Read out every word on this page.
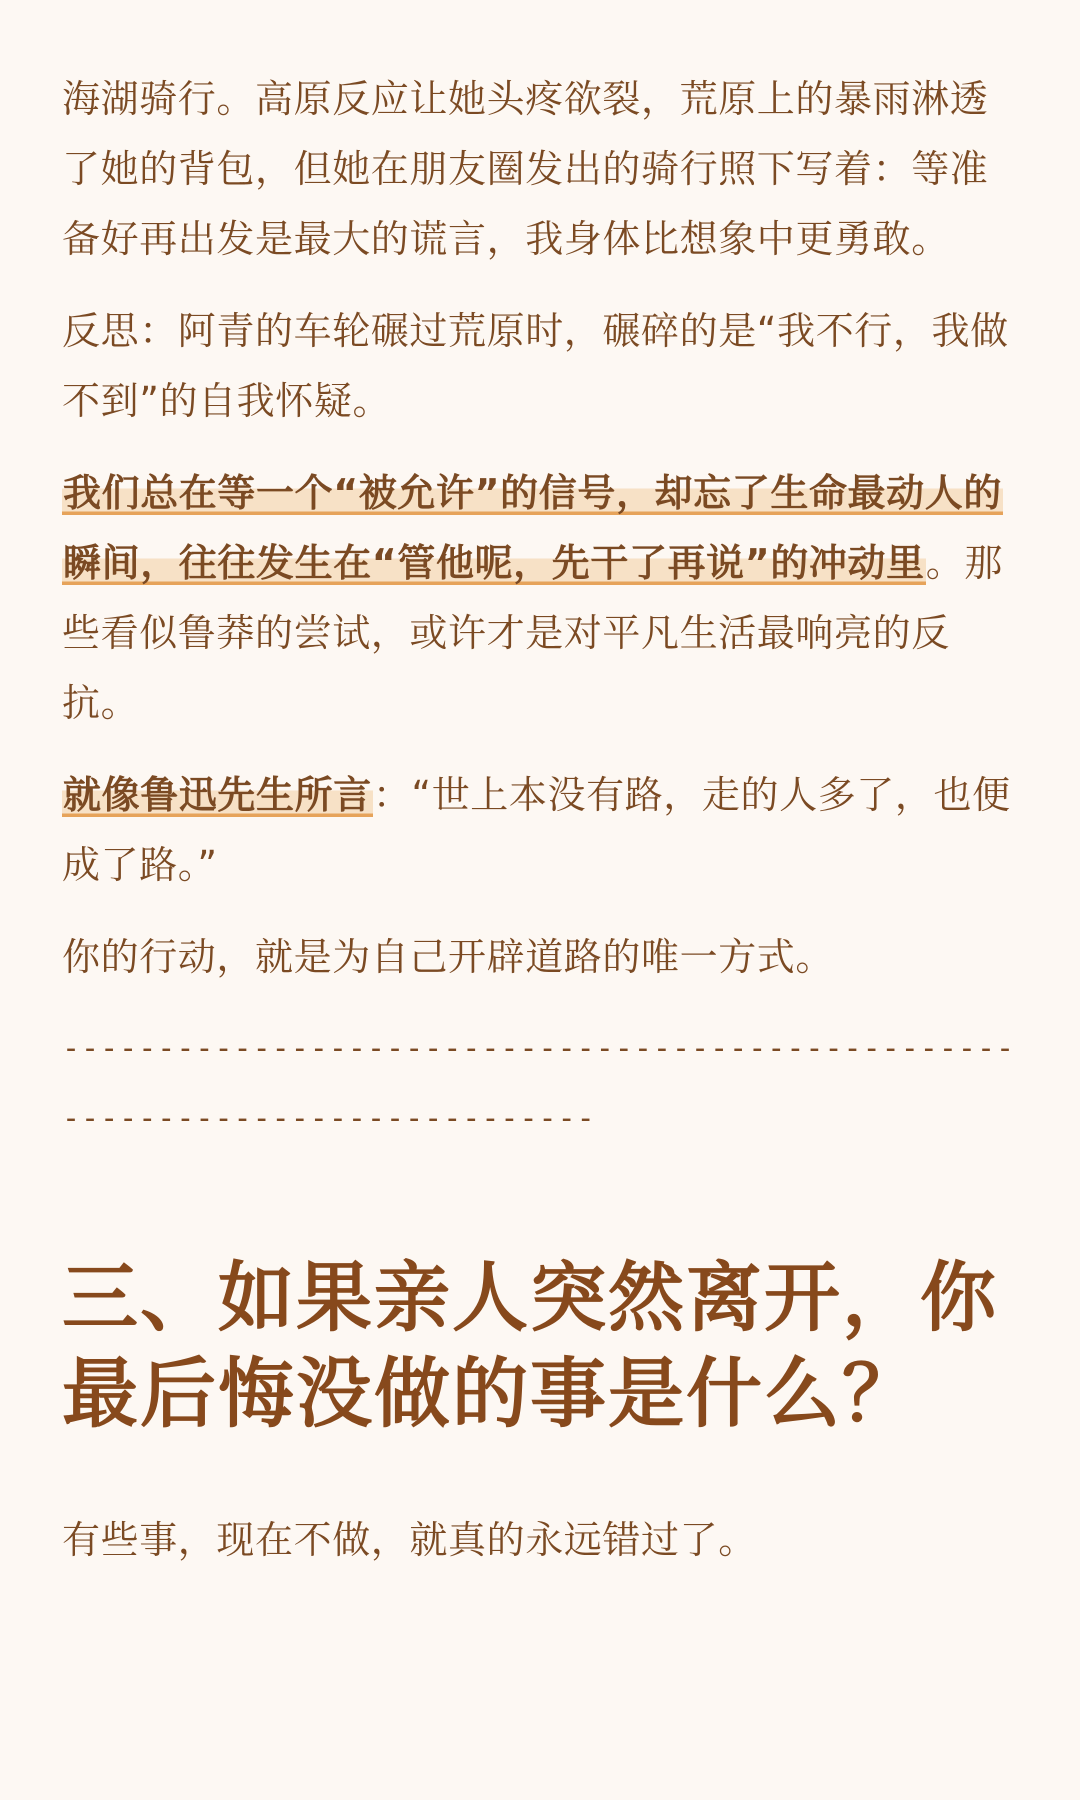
海湖骑行。高原反应让她头疼欲裂，荒原上的暴雨淋透了她的背包，但她在朋友圈发出的骑行照下写着：等准备好再出发是最大的谎言，我身体比想象中更勇敢。

反思：阿青的车轮碾过荒原时，碾碎的是“我不行，我做不到”的自我怀疑。

我们总在等一个“被允许”的信号，却忘了生命最动人的瞬间，往往发生在“管他呢，先干了再说”的冲动里。那些看似鲁莽的尝试，或许才是对平凡生活最响亮的反抗。

就像鲁迅先生所言：“世上本没有路，走的人多了，也便成了路。”

你的行动，就是为自己开辟道路的唯一方式。

------------------------------------------------------------------------------
三、如果亲人突然离开，你最后悔没做的事是什么？

有些事，现在不做，就真的永远错过了。
